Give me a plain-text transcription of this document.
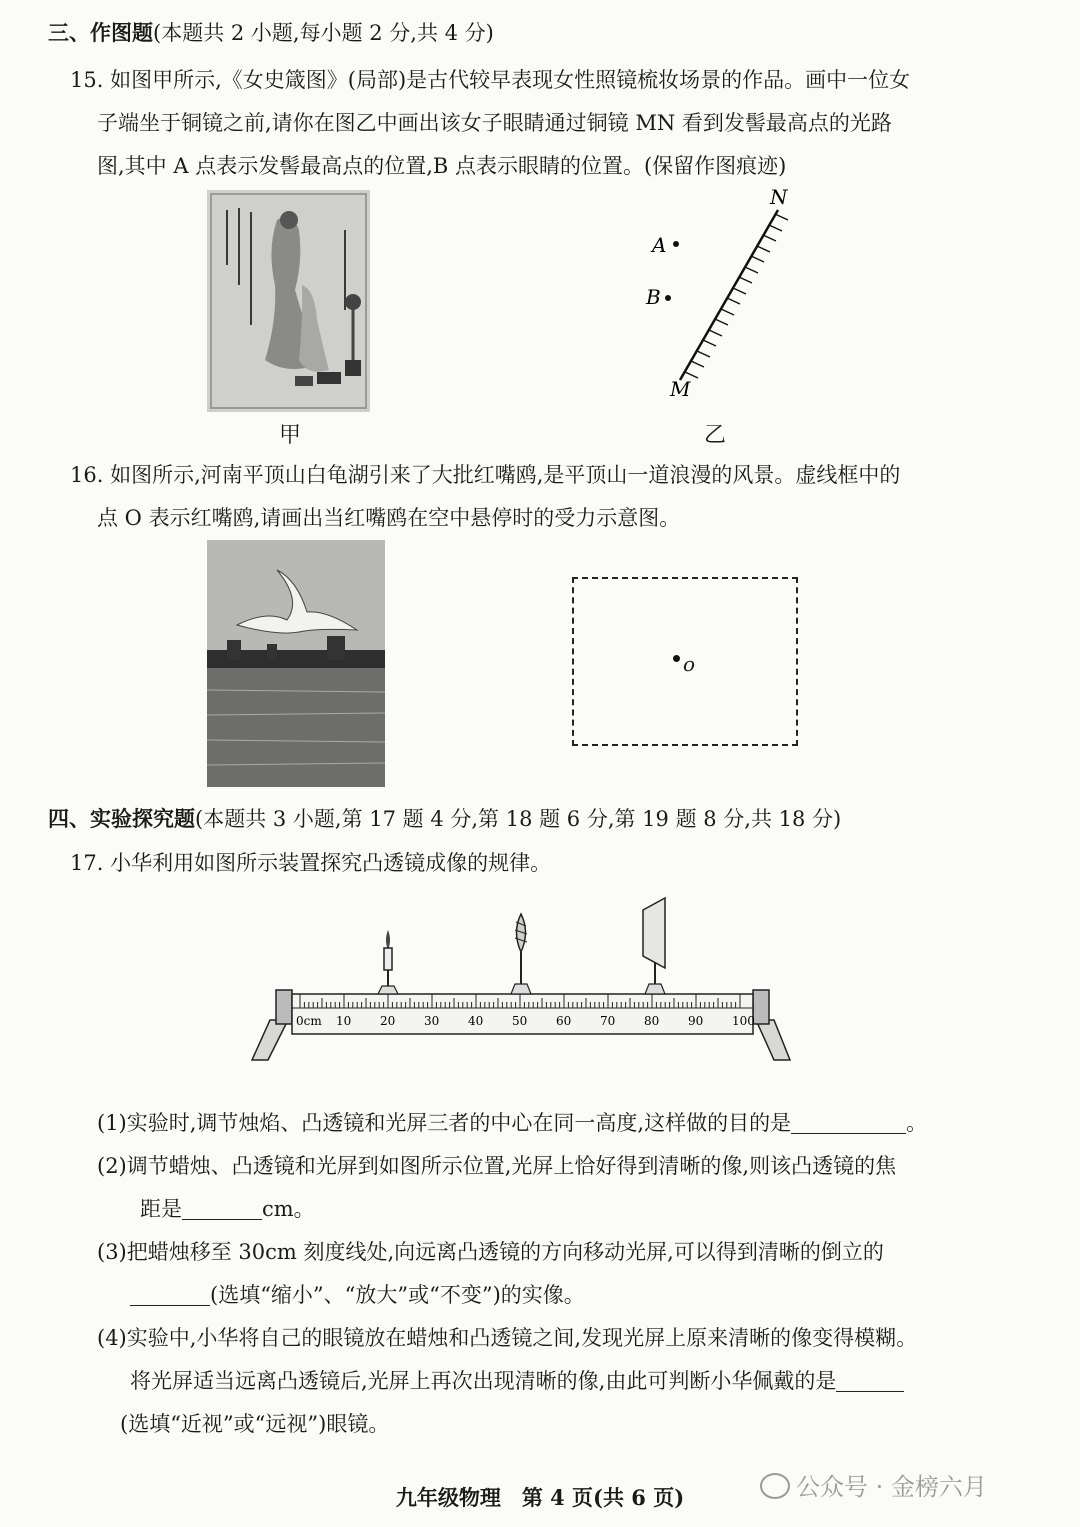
三、作图题(本题共 2 小题,每小题 2 分,共 4 分)
15. 如图甲所示,《女史箴图》(局部)是古代较早表现女性照镜梳妆场景的作品。画中一位女
子端坐于铜镜之前,请你在图乙中画出该女子眼睛通过铜镜 MN 看到发髻最高点的光路
图,其中 A 点表示发髻最高点的位置,B 点表示眼睛的位置。(保留作图痕迹)
甲
N
M
A
B
乙
16. 如图所示,河南平顶山白龟湖引来了大批红嘴鸥,是平顶山一道浪漫的风景。虚线框中的
点 O 表示红嘴鸥,请画出当红嘴鸥在空中悬停时的受力示意图。
o
四、实验探究题(本题共 3 小题,第 17 题 4 分,第 18 题 6 分,第 19 题 8 分,共 18 分)
17. 小华利用如图所示装置探究凸透镜成像的规律。
0cm 10 20 30 40 50 60 70 80 90 100
(1)实验时,调节烛焰、凸透镜和光屏三者的中心在同一高度,这样做的目的是	。
(2)调节蜡烛、凸透镜和光屏到如图所示位置,光屏上恰好得到清晰的像,则该凸透镜的焦
距是	cm。
(3)把蜡烛移至 30cm 刻度线处,向远离凸透镜的方向移动光屏,可以得到清晰的倒立的
(选填“缩小”、“放大”或“不变”)的实像。
(4)实验中,小华将自己的眼镜放在蜡烛和凸透镜之间,发现光屏上原来清晰的像变得模糊。
将光屏适当远离凸透镜后,光屏上再次出现清晰的像,由此可判断小华佩戴的是
(选填“近视”或“远视”)眼镜。
九年级物理　第 4 页(共 6 页)	公众号 · 金榜六月
